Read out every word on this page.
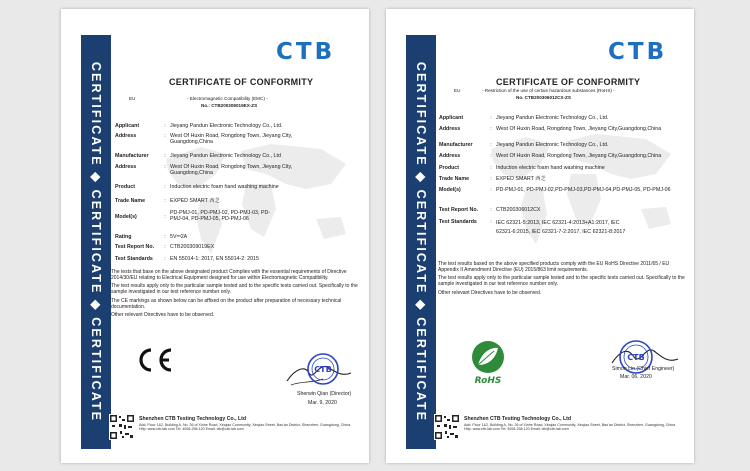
CERTIFICATE ◆ CERTIFICATE ◆ CERTIFICATE
CTB
CERTIFICATE OF CONFORMITY
EU	- Electromagnetic Compatibility (EMC) -
No.: CTB200309019EX-ZS
Applicant	: Jieyang Pandun Electronic Technology Co., Ltd.
Address	: West Of Huxin Road, Rongdong Town, Jieyang City, Guangdong,China
Manufacturer	: Jieyang Pandun Electronic Technology Co., Ltd
Address	: West Of Huxin Road, Rongdong Town, Jieyang City, Guangdong,China
Product	: Induction electric foam hand washing machine
Trade Name	: EXPED SMART 西芝
Model(s)	:
PD-PMJ-01, PD-PMJ-02, PD-PMJ-03, PD-PMJ-04, PD-PMJ-05, PD-PMJ-06
Rating	: 5V⎓2A
Test Report No.	: CTB200309019EX
Test Standards	: EN 55014-1: 2017, EN 55014-2: 2015

The tests that base on the above designated product Complies with the essential requirements of Directive 2014/30/EU relating to Electrical Equipment designed for use within Electromagnetic Compatibility.

The test results apply only to the particular sample tested and to the specific tests carried out. Specifically to the sample investigated in our test reference number only.

The CE markings as shown below can be affixed on the product after preparation of necessary technical documentation.

Other relevant Directives have to be observed.

CE
CTB
Sherwin Qian (Director)
Mar. 9, 2020
Shenzhen CTB Testing Technology Co., Ltd
Add: Floor 1&2, Building A, No. 26 of Xinhe Road, Xinqiao Community, Xinqiao Street, Bao'an District, Shenzhen, Guangdong, China
Http: www.ctb-lab.com Tel: 4008-258-120 Email: ctb@ctb-lab.com
CERTIFICATE ◆ CERTIFICATE ◆ CERTIFICATE
CTB
CERTIFICATE OF CONFORMITY
EU	- Restriction of the use of certain hazardous substances (RoHS) -
No. CTB200306012CX-ZS
Applicant	: Jieyang Pandun Electronic Technology Co., Ltd.
Address	: West Of Huxin Road, Rongdong Town, Jieyang City,Guangdong,China
Manufacturer	: Jieyang Pandun Electronic Technology Co., Ltd.
Address	: West Of Huxin Road, Rongdong Town, Jieyang City,Guangdong,China
Product	: Induction electric foam hand washing machine
Trade Name	: EXPED SMART 西芝
Model(s)	: PD-PMJ-01, PD-PMJ-02,PD-PMJ-03,PD-PMJ-04,PD-PMJ-05, PD-PMJ-06
Test Report No.	: CTB200306012CX
Test Standards	: IEC 62321-5:2013, IEC 62321-4:2013+A1:2017, IEC 62321-6:2015, IEC 62321-7-2:2017, IEC 62321-8:2017

The test results based on the above specified products comply with the EU RoHS Directive 2011/65 / EU Appendix II Amendment Directive (EU) 2015/863 limit requirements.

The test results apply only to the particular sample tested and to the specific tests carried out. Specifically to the sample investigated in our test reference number only.

Other relevant Directives have to be observed.

RoHS
CTB
Simon Lin (Chief Engineer)
Mar. 06, 2020
Shenzhen CTB Testing Technology Co., Ltd
Add: Floor 1&2, Building A, No. 26 of Xinhe Road, Xinqiao Community, Xinqiao Street, Bao'an District, Shenzhen, Guangdong, China
Http: www.ctb-lab.com Tel: 4008-258-120 Email: ctb@ctb-lab.com
